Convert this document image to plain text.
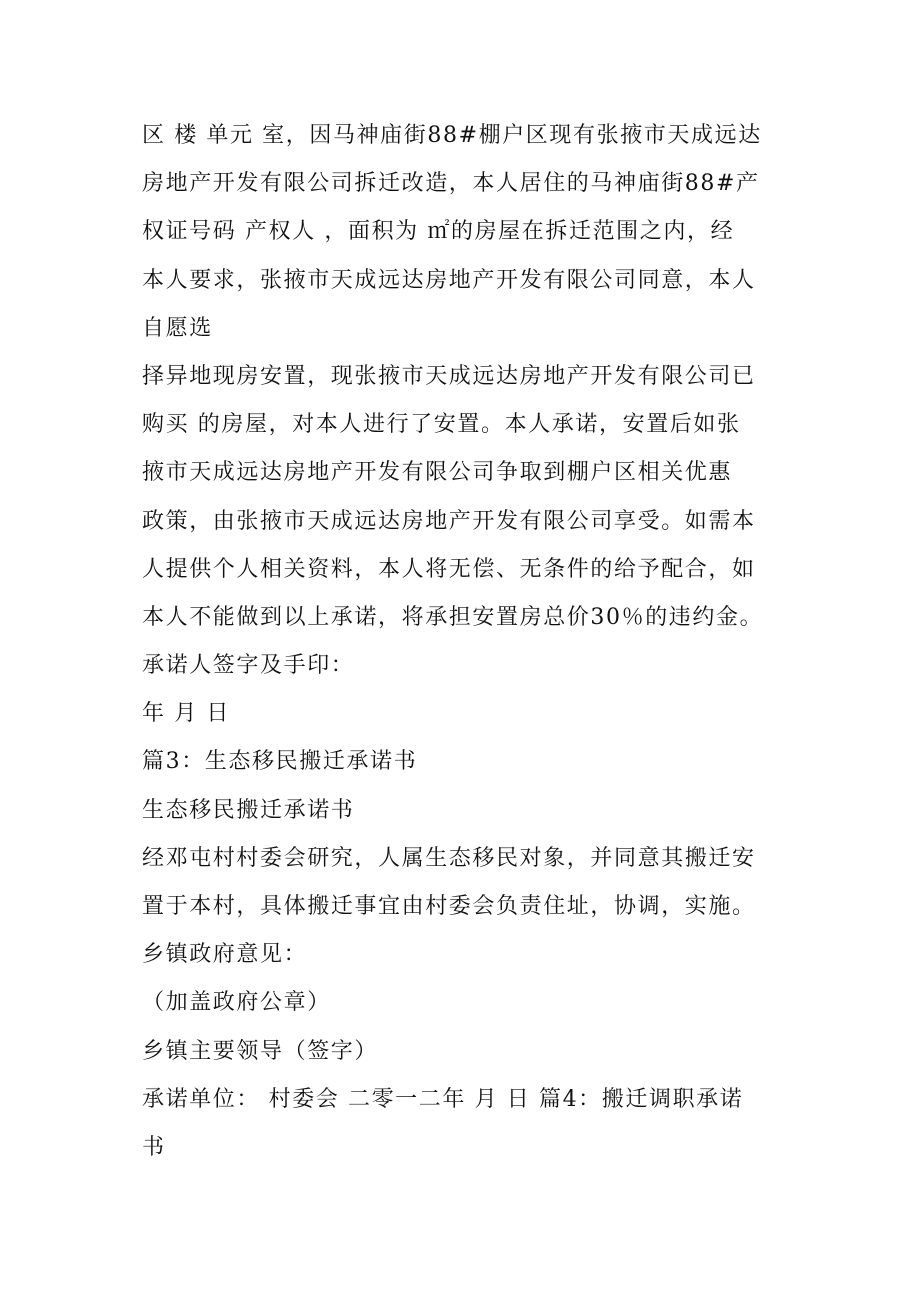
区 楼 单元 室，因马神庙街88#棚户区现有张掖市天成远达
房地产开发有限公司拆迁改造，本人居住的马神庙街88#产
权证号码 产权人 ，面积为 ㎡的房屋在拆迁范围之内，经
本人要求，张掖市天成远达房地产开发有限公司同意，本人
自愿选
择异地现房安置，现张掖市天成远达房地产开发有限公司已
购买 的房屋，对本人进行了安置。本人承诺，安置后如张
掖市天成远达房地产开发有限公司争取到棚户区相关优惠
政策，由张掖市天成远达房地产开发有限公司享受。如需本
人提供个人相关资料，本人将无偿、无条件的给予配合，如
本人不能做到以上承诺，将承担安置房总价30％的违约金。
承诺人签字及手印：
年 月 日
篇3：生态移民搬迁承诺书
生态移民搬迁承诺书
经邓屯村村委会研究，人属生态移民对象，并同意其搬迁安
置于本村，具体搬迁事宜由村委会负责住址，协调，实施。
乡镇政府意见：
（加盖政府公章）
乡镇主要领导（签字）
承诺单位： 村委会 二零一二年 月 日 篇4：搬迁调职承诺
书
